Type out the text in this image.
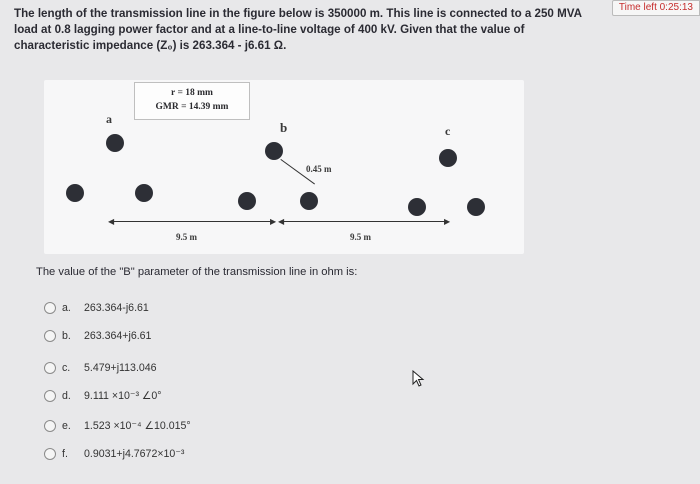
Time left 0:25:13
The length of the transmission line in the figure below is 350000 m. This line is connected to a 250 MVA
load at 0.8 lagging power factor and at a line-to-line voltage of 400 kV. Given that the value of
characteristic impedance (Z₀) is 263.364 - j6.61 Ω.
r = 18 mm
GMR = 14.39 mm
a
b	c
0.45 m
◀	▶
9.5 m
◀	▶
9.5 m
The value of the "B" parameter of the transmission line in ohm is:
a.	263.364-j6.61
b.	263.364+j6.61
c.	5.479+j113.046
d.	9.111 ×10⁻³ ∠0°
e.	1.523 ×10⁻⁴ ∠10.015°
f.	0.9031+j4.7672×10⁻³
